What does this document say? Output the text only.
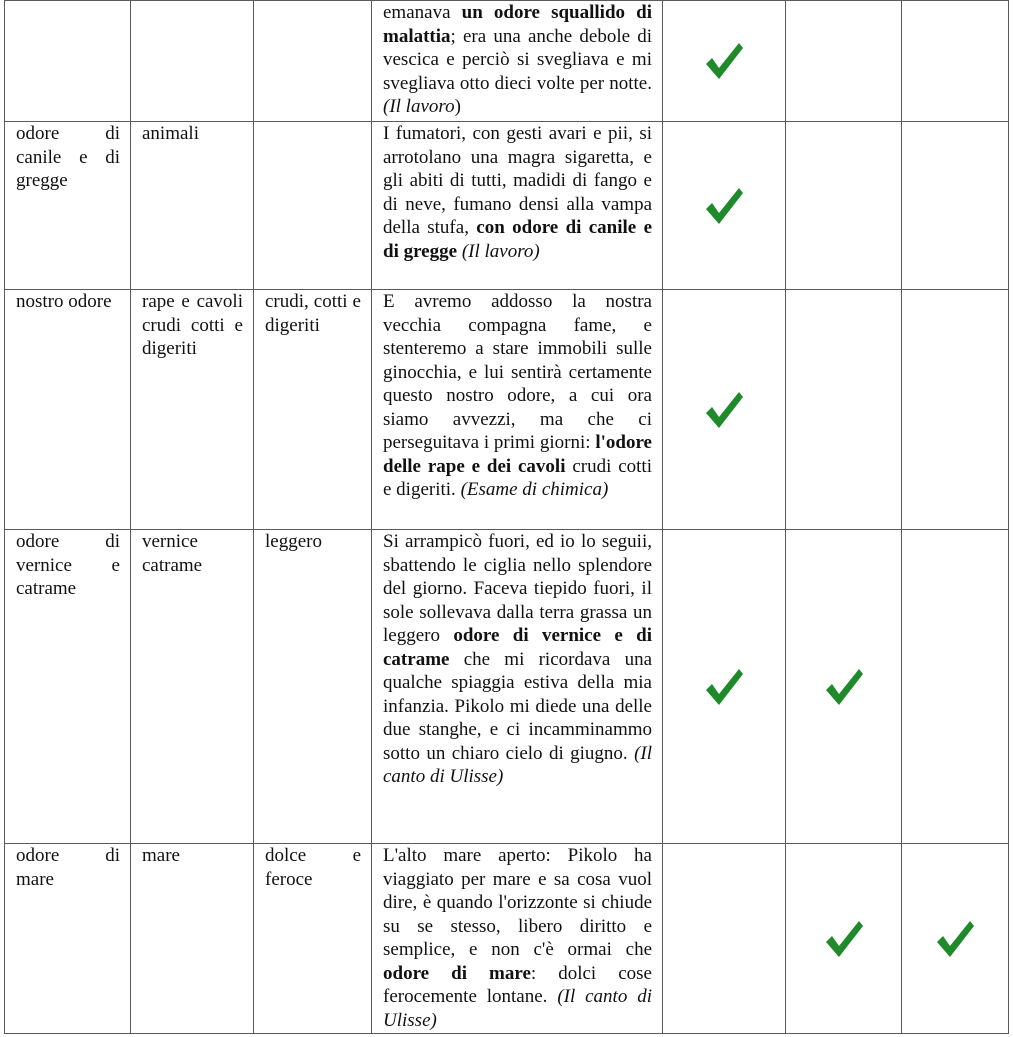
			emanava un odore squallido di malattia; era una anche debole di vescica e perciò si svegliava e mi svegliava otto dieci volte per notte.(Il lavoro)			
odore di canile e di gregge	animali		I fumatori, con gesti avari e pii, si arrotolano una magra sigaretta, e gli abiti di tutti, madidi di fango e di neve, fumano densi alla vampa della stufa, con odore di canile e di gregge (Il lavoro)			
nostro odore	rape e cavoli crudi cotti e digeriti	crudi, cotti e digeriti	E avremo addosso la nostra vecchia compagna fame, e stenteremo a stare immobili sulle ginocchia, e lui sentirà certamente questo nostro odore, a cui ora siamo avvezzi, ma che ci perseguitava i primi giorni: l'odore delle rape e dei cavoli crudi cotti e digeriti. (Esame di chimica)			
odore di vernice e catrame	vernice catrame	leggero	Si arrampicò fuori, ed io lo seguii, sbattendo le ciglia nello splendore del giorno. Faceva tiepido fuori, il sole sollevava dalla terra grassa un leggero odore di vernice e di catrame che mi ricordava una qualche spiaggia estiva della mia infanzia. Pikolo mi diede una delle due stanghe, e ci incamminammo sotto un chiaro cielo di giugno. (Il canto di Ulisse)			
odore di mare	mare	dolce e feroce	L'alto mare aperto: Pikolo ha viaggiato per mare e sa cosa vuol dire, è quando l'orizzonte si chiude su se stesso, libero diritto e semplice, e non c'è ormai che odore di mare: dolci cose ferocemente lontane. (Il canto di Ulisse)			
